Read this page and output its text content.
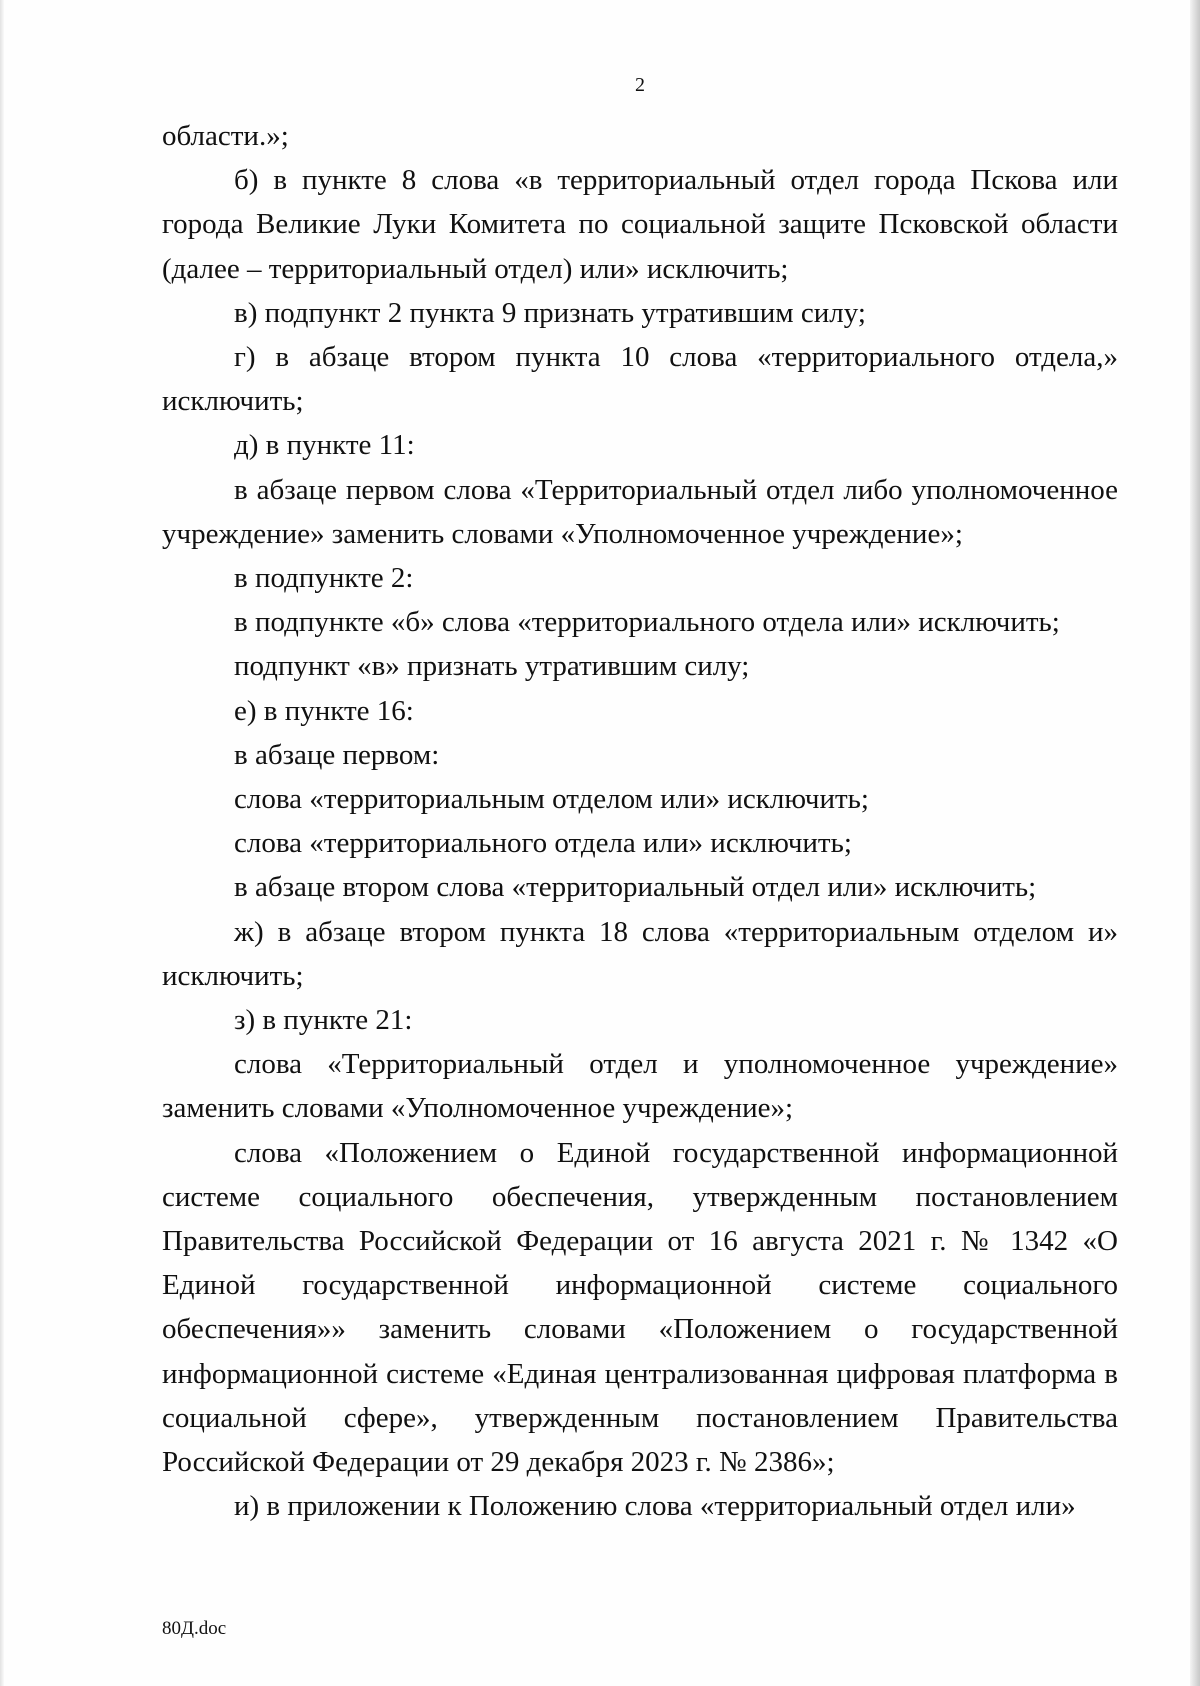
2

области.»;

б) в пункте 8 слова «в территориальный отдел города Пскова или города Великие Луки Комитета по социальной защите Псковской области (далее – территориальный отдел) или» исключить;

в) подпункт 2 пункта 9 признать утратившим силу;

г) в абзаце втором пункта 10 слова «территориального отдела,» исключить;

д) в пункте 11:

в абзаце первом слова «Территориальный отдел либо уполномоченное учреждение» заменить словами «Уполномоченное учреждение»;

в подпункте 2:

в подпункте «б» слова «территориального отдела или» исключить;

подпункт «в» признать утратившим силу;

е) в пункте 16:

в абзаце первом:

слова «территориальным отделом или» исключить;

слова «территориального отдела или» исключить;

в абзаце втором слова «территориальный отдел или» исключить;

ж) в абзаце втором пункта 18 слова «территориальным отделом и» исключить;

з) в пункте 21:

слова «Территориальный отдел и уполномоченное учреждение» заменить словами «Уполномоченное учреждение»;

слова «Положением о Единой государственной информационной системе социального обеспечения, утвержденным постановлением Правительства Российской Федерации от 16 августа 2021 г. № 1342 «О Единой государственной информационной системе социального обеспечения»» заменить словами «Положением о государственной информационной системе «Единая централизованная цифровая платформа в социальной сфере», утвержденным постановлением Правительства Российской Федерации от 29 декабря 2023 г. № 2386»;

и) в приложении к Положению слова «территориальный отдел или»

80Д.doc
